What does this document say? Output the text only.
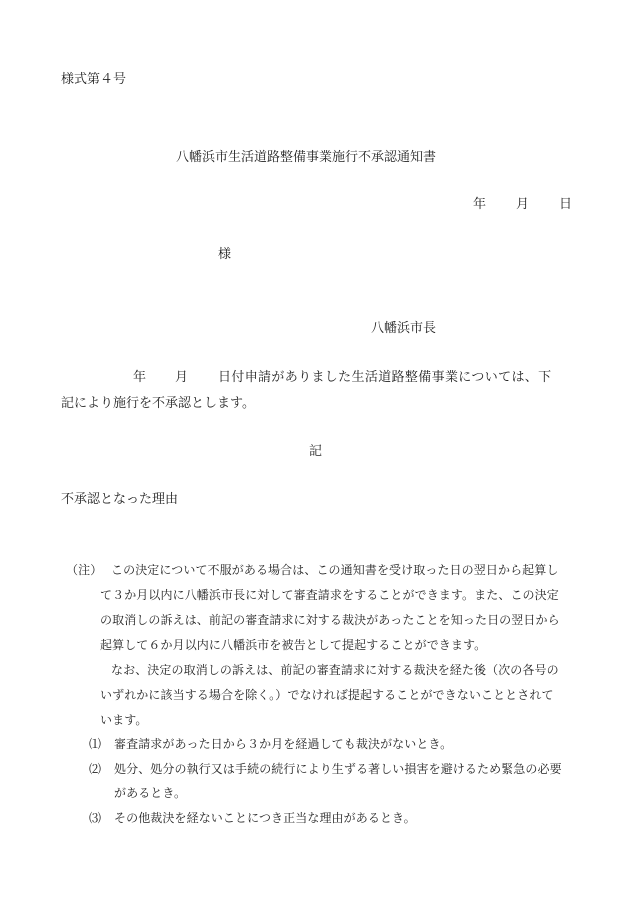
様式第４号
八幡浜市生活道路整備事業施行不承認通知書
年 月 日
様
八幡浜市長
年 月 日付申請がありました生活道路整備事業については、下
記により施行を不承認とします。
記
不承認となった理由
（注） この決定について不服がある場合は、この通知書を受け取った日の翌日から起算し
て３か月以内に八幡浜市長に対して審査請求をすることができます。また、この決定
の取消しの訴えは、前記の審査請求に対する裁決があったことを知った日の翌日から
起算して６か月以内に八幡浜市を被告として提起することができます。
なお、決定の取消しの訴えは、前記の審査請求に対する裁決を経た後（次の各号の
いずれかに該当する場合を除く。）でなければ提起することができないこととされて
います。
⑴ 審査請求があった日から３か月を経過しても裁決がないとき。
⑵ 処分、処分の執行又は手続の続行により生ずる著しい損害を避けるため緊急の必要
があるとき。
⑶ その他裁決を経ないことにつき正当な理由があるとき。
